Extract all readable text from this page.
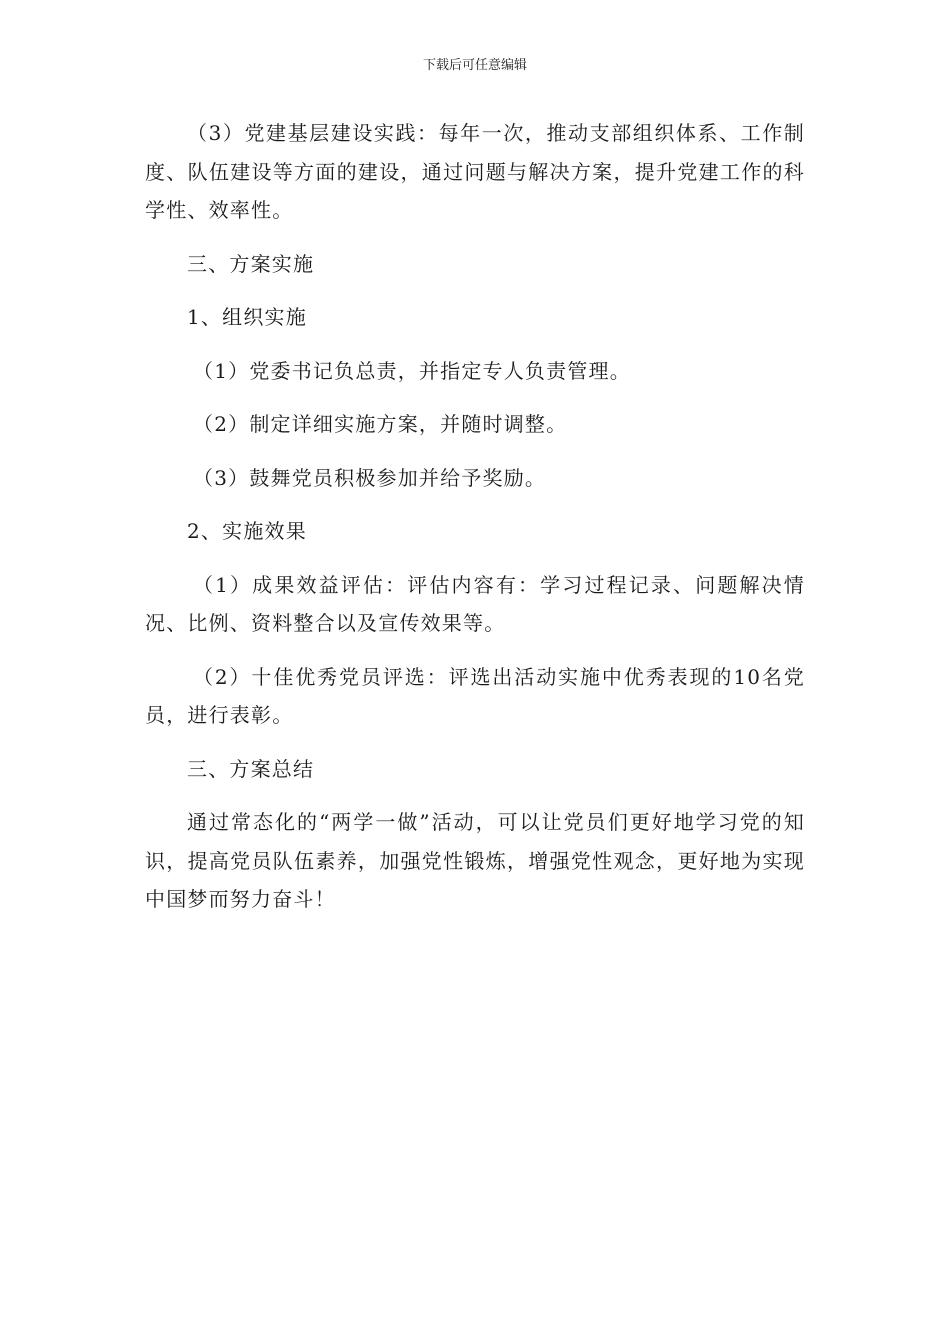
下载后可任意编辑

（3）党建基层建设实践：每年一次，推动支部组织体系、工作制度、队伍建设等方面的建设，通过问题与解决方案，提升党建工作的科学性、效率性。

三、方案实施

1、组织实施

（1）党委书记负总责，并指定专人负责管理。

（2）制定详细实施方案，并随时调整。

（3）鼓舞党员积极参加并给予奖励。

2、实施效果

（1）成果效益评估：评估内容有：学习过程记录、问题解决情况、比例、资料整合以及宣传效果等。

（2）十佳优秀党员评选：评选出活动实施中优秀表现的10名党员，进行表彰。

三、方案总结

通过常态化的“两学一做”活动，可以让党员们更好地学习党的知识，提高党员队伍素养，加强党性锻炼，增强党性观念，更好地为实现中国梦而努力奋斗！
